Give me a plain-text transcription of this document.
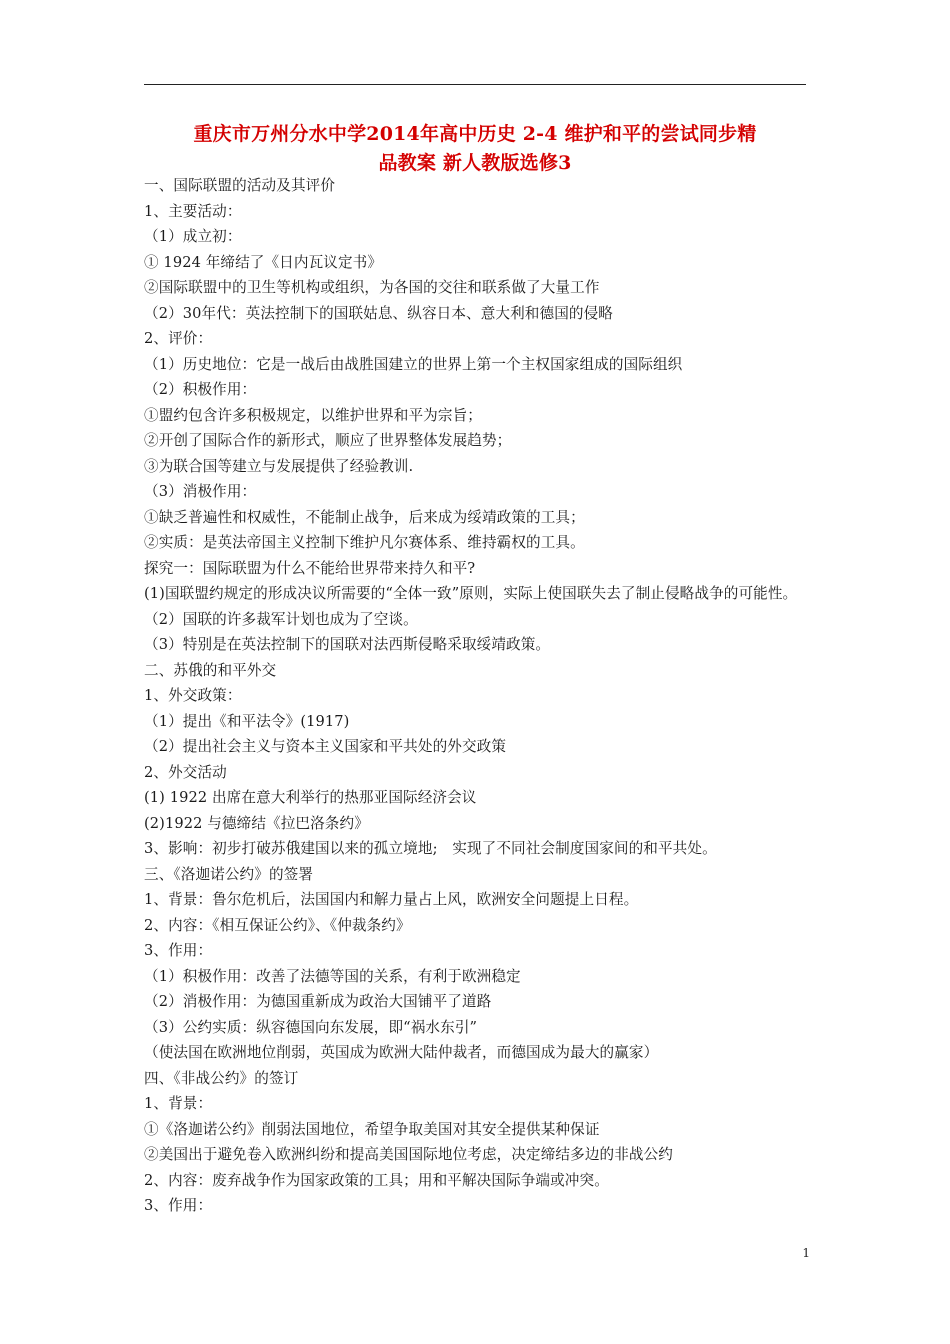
重庆市万州分水中学2014年高中历史 2-4 维护和平的尝试同步精
品教案 新人教版选修3
一、国际联盟的活动及其评价
1、主要活动：
（1）成立初：
① 1924 年缔结了《日内瓦议定书》
②国际联盟中的卫生等机构或组织，为各国的交往和联系做了大量工作
（2）30年代：英法控制下的国联姑息、纵容日本、意大利和德国的侵略
2、评价：
（1）历史地位：它是一战后由战胜国建立的世界上第一个主权国家组成的国际组织
（2）积极作用：
①盟约包含许多积极规定，以维护世界和平为宗旨；
②开创了国际合作的新形式，顺应了世界整体发展趋势；
③为联合国等建立与发展提供了经验教训.
（3）消极作用：
①缺乏普遍性和权威性，不能制止战争，后来成为绥靖政策的工具；
②实质：是英法帝国主义控制下维护凡尔赛体系、维持霸权的工具。
探究一：国际联盟为什么不能给世界带来持久和平?
(1)国联盟约规定的形成决议所需要的“全体一致”原则，实际上使国联失去了制止侵略战争的可能性。
（2）国联的许多裁军计划也成为了空谈。
（3）特别是在英法控制下的国联对法西斯侵略采取绥靖政策。
二、苏俄的和平外交
1、外交政策：
（1）提出《和平法令》(1917)
（2）提出社会主义与资本主义国家和平共处的外交政策
2、外交活动
(1) 1922 出席在意大利举行的热那亚国际经济会议
(2)1922 与德缔结《拉巴洛条约》
3、影响：初步打破苏俄建国以来的孤立境地;　实现了不同社会制度国家间的和平共处。
三、《洛迦诺公约》的签署
1、背景：鲁尔危机后，法国国内和解力量占上风，欧洲安全问题提上日程。
2、内容：《相互保证公约》、《仲裁条约》
3、作用：
（1）积极作用：改善了法德等国的关系，有利于欧洲稳定
（2）消极作用：为德国重新成为政治大国铺平了道路
（3）公约实质：纵容德国向东发展，即“祸水东引”
（使法国在欧洲地位削弱，英国成为欧洲大陆仲裁者，而德国成为最大的赢家）
四、《非战公约》的签订
1、背景：
①《洛迦诺公约》削弱法国地位，希望争取美国对其安全提供某种保证
②美国出于避免卷入欧洲纠纷和提高美国国际地位考虑，决定缔结多边的非战公约
2、内容：废弃战争作为国家政策的工具；用和平解决国际争端或冲突。
3、作用：
1
